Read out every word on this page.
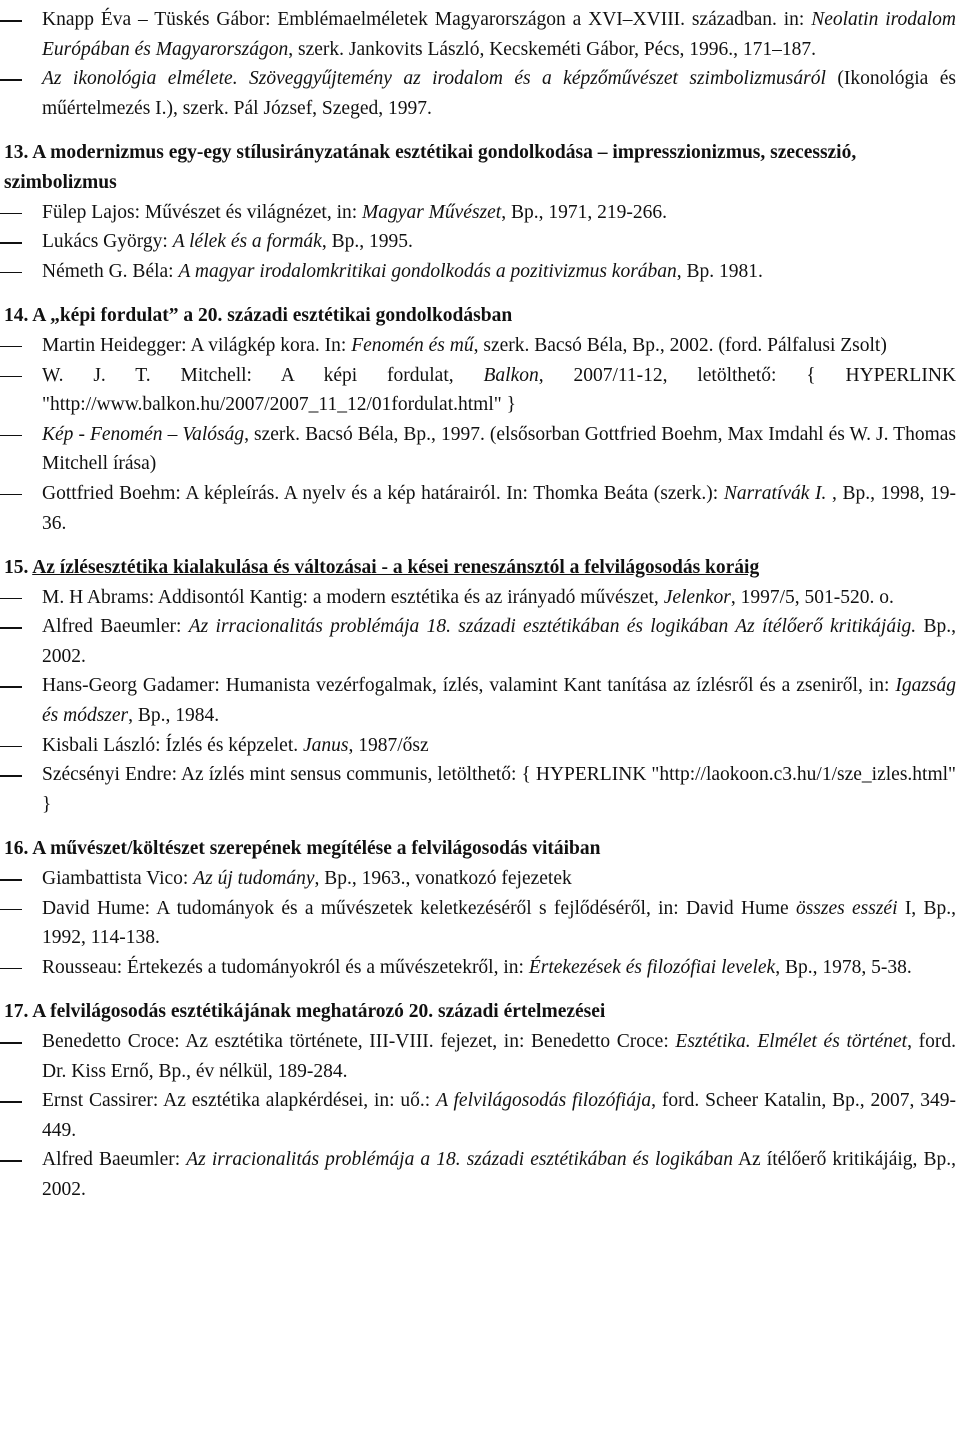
Knapp Éva – Tüskés Gábor: Emblémaelméletek Magyarországon a XVI–XVIII. században. in: Neolatin irodalom Európában és Magyarországon, szerk. Jankovits László, Kecskeméti Gábor, Pécs, 1996., 171–187.
Az ikonológia elmélete. Szöveggyűjtemény az irodalom és a képzőművészet szimbolizmusáról (Ikonológia és műértelmezés I.), szerk. Pál József, Szeged, 1997.
13. A modernizmus egy-egy stílusirányzatának esztétikai gondolkodása – impresszionizmus, szecesszió, szimbolizmus
Fülep Lajos: Művészet és világnézet, in: Magyar Művészet, Bp., 1971, 219-266.
Lukács György: A lélek és a formák, Bp., 1995.
Németh G. Béla: A magyar irodalomkritikai gondolkodás a pozitivizmus korában, Bp. 1981.
14. A „képi fordulat” a 20. századi esztétikai gondolkodásban
Martin Heidegger: A világkép kora. In: Fenomén és mű, szerk. Bacsó Béla, Bp., 2002. (ford. Pálfalusi Zsolt)
W. J. T. Mitchell: A képi fordulat, Balkon, 2007/11-12, letölthető: { HYPERLINK "http://www.balkon.hu/2007/2007_11_12/01fordulat.html" }
Kép - Fenomén – Valóság, szerk. Bacsó Béla, Bp., 1997. (elsősorban Gottfried Boehm, Max Imdahl és W. J. Thomas Mitchell írása)
Gottfried Boehm: A képleírás. A nyelv és a kép határairól. In: Thomka Beáta (szerk.): Narratívák I. , Bp., 1998, 19-36.
15. Az ízlésesztétika kialakulása és változásai - a kései reneszánsztól a felvilágosodás koráig
M. H Abrams: Addisontól Kantig: a modern esztétika és az irányadó művészet, Jelenkor, 1997/5, 501-520. o.
Alfred Baeumler: Az irracionalitás problémája 18. századi esztétikában és logikában Az ítélőerő kritikájáig. Bp., 2002.
Hans-Georg Gadamer: Humanista vezérfogalmak, ízlés, valamint Kant tanítása az ízlésről és a zseniről, in: Igazság és módszer, Bp., 1984.
Kisbali László: Ízlés és képzelet. Janus, 1987/ősz
Szécsényi Endre: Az ízlés mint sensus communis, letölthető: { HYPERLINK "http://laokoon.c3.hu/1/sze_izles.html" }
16. A művészet/költészet szerepének megítélése a felvilágosodás vitáiban
Giambattista Vico: Az új tudomány, Bp., 1963., vonatkozó fejezetek
David Hume: A tudományok és a művészetek keletkezéséről s fejlődéséről, in: David Hume összes esszéi I, Bp., 1992, 114-138.
Rousseau: Értekezés a tudományokról és a művészetekről, in: Értekezések és filozófiai levelek, Bp., 1978, 5-38.
17. A felvilágosodás esztétikájának meghatározó 20. századi értelmezései
Benedetto Croce: Az esztétika története, III-VIII. fejezet, in: Benedetto Croce: Esztétika. Elmélet és történet, ford. Dr. Kiss Ernő, Bp., év nélkül, 189-284.
Ernst Cassirer: Az esztétika alapkérdései, in: uő.: A felvilágosodás filozófiája, ford. Scheer Katalin, Bp., 2007, 349-449.
Alfred Baeumler: Az irracionalitás problémája a 18. századi esztétikában és logikában Az ítélőerő kritikájáig, Bp., 2002.
